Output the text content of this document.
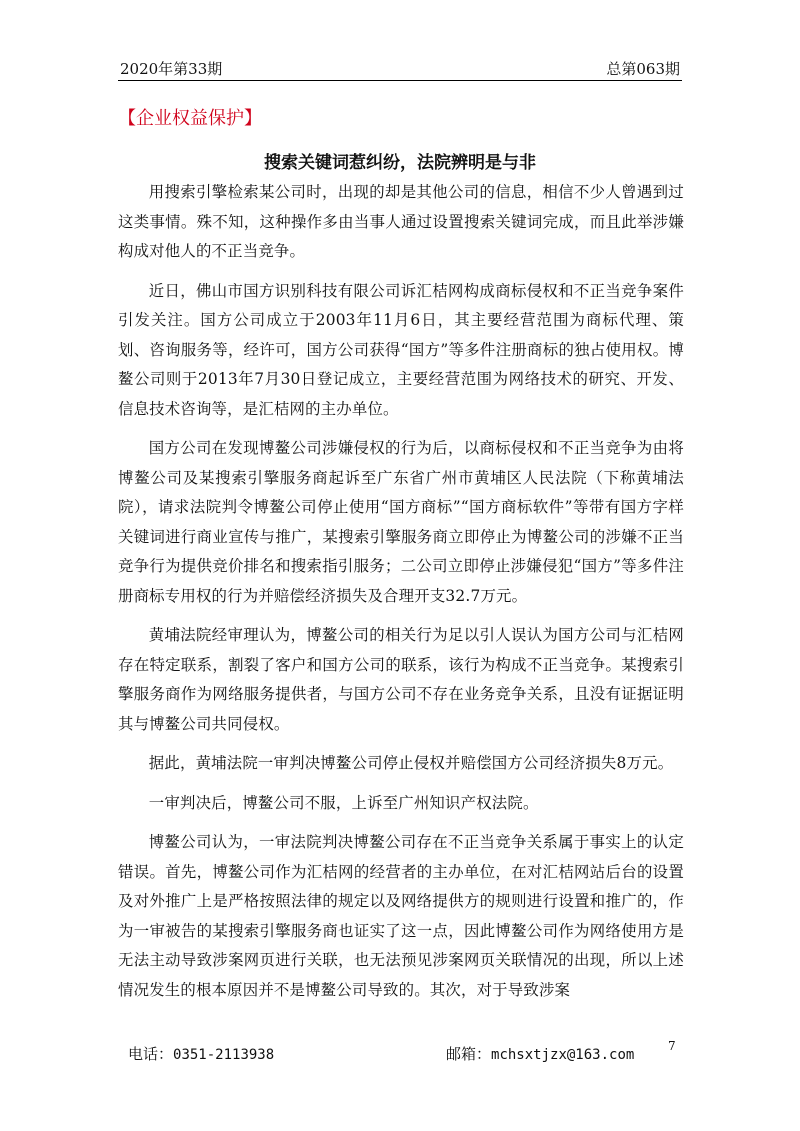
2020年第33期	总第063期
【企业权益保护】
搜索关键词惹纠纷，法院辨明是与非

用搜索引擎检索某公司时，出现的却是其他公司的信息，相信不少人曾遇到过这类事情。殊不知，这种操作多由当事人通过设置搜索关键词完成，而且此举涉嫌构成对他人的不正当竞争。

近日，佛山市国方识别科技有限公司诉汇桔网构成商标侵权和不正当竞争案件引发关注。国方公司成立于2003年11月6日，其主要经营范围为商标代理、策划、咨询服务等，经许可，国方公司获得“国方”等多件注册商标的独占使用权。博鳌公司则于2013年7月30日登记成立，主要经营范围为网络技术的研究、开发、信息技术咨询等，是汇桔网的主办单位。

国方公司在发现博鳌公司涉嫌侵权的行为后，以商标侵权和不正当竞争为由将博鳌公司及某搜索引擎服务商起诉至广东省广州市黄埔区人民法院（下称黄埔法院），请求法院判令博鳌公司停止使用“国方商标”“国方商标软件”等带有国方字样关键词进行商业宣传与推广，某搜索引擎服务商立即停止为博鳌公司的涉嫌不正当竞争行为提供竞价排名和搜索指引服务；二公司立即停止涉嫌侵犯“国方”等多件注册商标专用权的行为并赔偿经济损失及合理开支32.7万元。

黄埔法院经审理认为，博鳌公司的相关行为足以引人误认为国方公司与汇桔网存在特定联系，割裂了客户和国方公司的联系，该行为构成不正当竞争。某搜索引擎服务商作为网络服务提供者，与国方公司不存在业务竞争关系，且没有证据证明其与博鳌公司共同侵权。

据此，黄埔法院一审判决博鳌公司停止侵权并赔偿国方公司经济损失8万元。

一审判决后，博鳌公司不服，上诉至广州知识产权法院。

博鳌公司认为，一审法院判决博鳌公司存在不正当竞争关系属于事实上的认定错误。首先，博鳌公司作为汇桔网的经营者的主办单位，在对汇桔网站后台的设置及对外推广上是严格按照法律的规定以及网络提供方的规则进行设置和推广的，作为一审被告的某搜索引擎服务商也证实了这一点，因此博鳌公司作为网络使用方是无法主动导致涉案网页进行关联，也无法预见涉案网页关联情况的出现，所以上述情况发生的根本原因并不是博鳌公司导致的。其次，对于导致涉案

电话：0351-2113938	邮箱：mchsxtjzx@163.com
7
